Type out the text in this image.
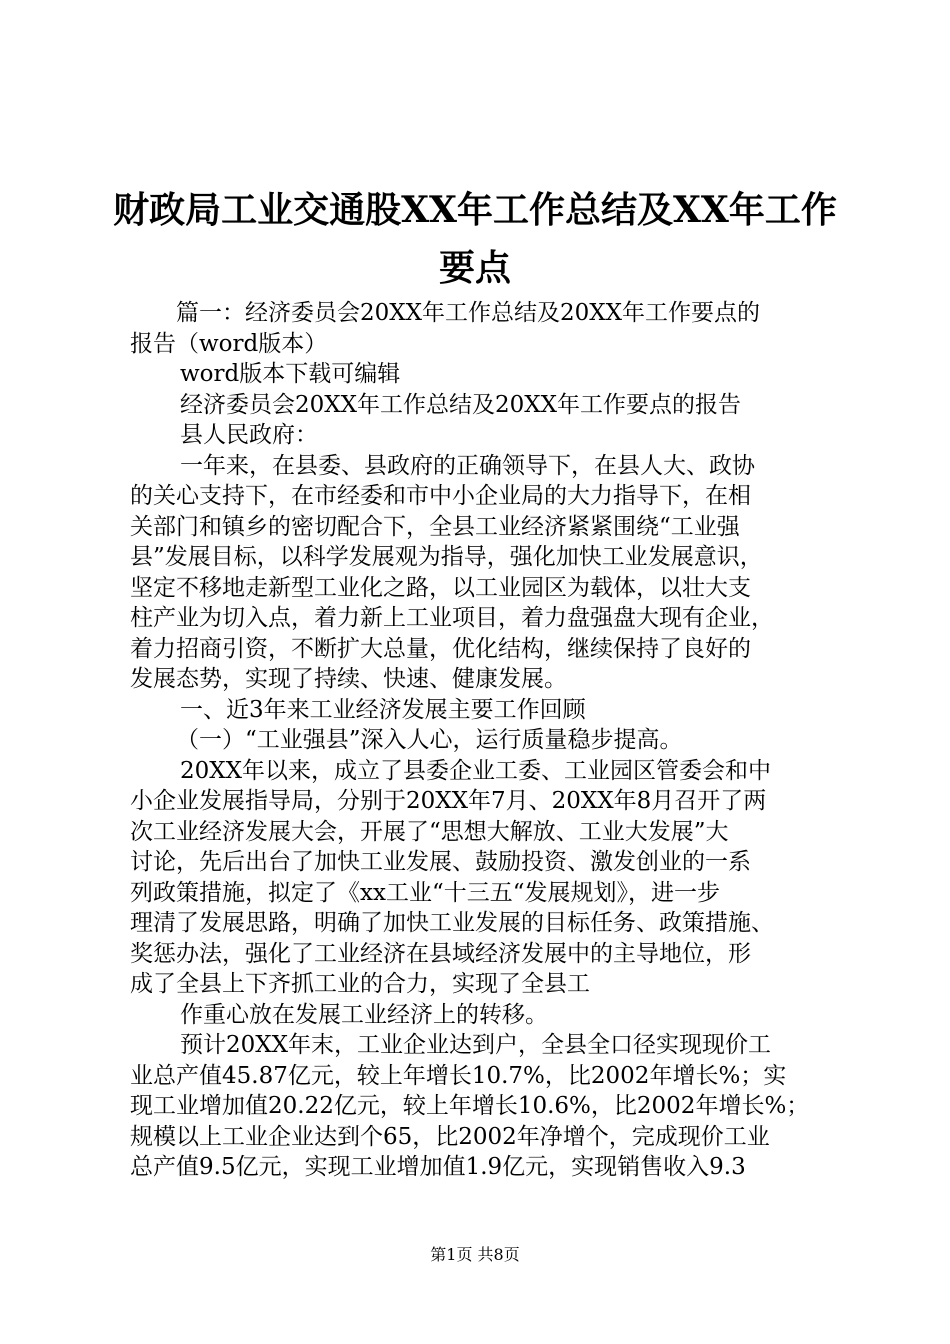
财政局工业交通股XX年工作总结及XX年工作
要点
篇一：经济委员会20XX年工作总结及20XX年工作要点的
报告（word版本）
word版本下载可编辑
经济委员会20XX年工作总结及20XX年工作要点的报告
县人民政府：
一年来，在县委、县政府的正确领导下，在县人大、政协
的关心支持下，在市经委和市中小企业局的大力指导下，在相
关部门和镇乡的密切配合下，全县工业经济紧紧围绕“工业强
县”发展目标，以科学发展观为指导，强化加快工业发展意识，
坚定不移地走新型工业化之路，以工业园区为载体，以壮大支
柱产业为切入点，着力新上工业项目，着力盘强盘大现有企业，
着力招商引资，不断扩大总量，优化结构，继续保持了良好的
发展态势，实现了持续、快速、健康发展。
一、近3年来工业经济发展主要工作回顾
（一）“工业强县”深入人心，运行质量稳步提高。
20XX年以来，成立了县委企业工委、工业园区管委会和中
小企业发展指导局，分别于20XX年7月、20XX年8月召开了两
次工业经济发展大会，开展了“思想大解放、工业大发展”大
讨论，先后出台了加快工业发展、鼓励投资、激发创业的一系
列政策措施，拟定了《xx工业“十三五“发展规划》，进一步
理清了发展思路，明确了加快工业发展的目标任务、政策措施、
奖惩办法，强化了工业经济在县域经济发展中的主导地位，形
成了全县上下齐抓工业的合力，实现了全县工
作重心放在发展工业经济上的转移。
预计20XX年末，工业企业达到户，全县全口径实现现价工
业总产值45.87亿元，较上年增长10.7%，比2002年增长%；实
现工业增加值20.22亿元，较上年增长10.6%，比2002年增长%；
规模以上工业企业达到个65，比2002年净增个，完成现价工业
总产值9.5亿元，实现工业增加值1.9亿元，实现销售收入9.3
第1页 共8页
